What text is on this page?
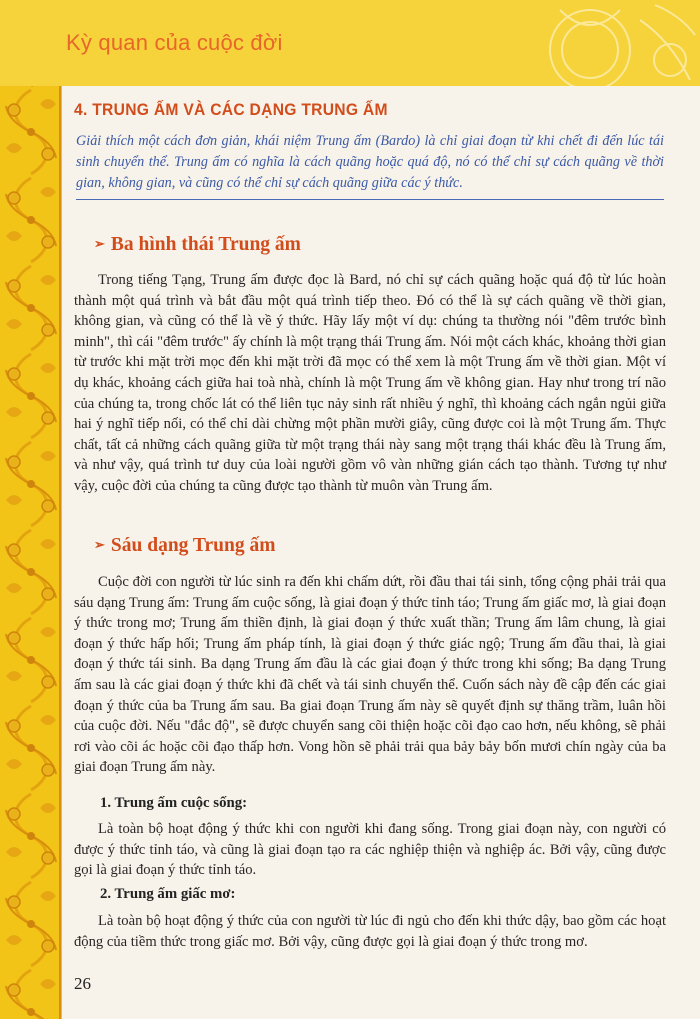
Kỳ quan của cuộc đời
4. TRUNG ẤM VÀ CÁC DẠNG TRUNG ẤM
Giải thích một cách đơn giản, khái niệm Trung ấm (Bardo) là chỉ giai đoạn từ khi chết đi đến lúc tái sinh chuyển thể. Trung ấm có nghĩa là cách quãng hoặc quá độ, nó có thể chỉ sự cách quãng về thời gian, không gian, và cũng có thể chỉ sự cách quãng giữa các ý thức.
➢ Ba hình thái Trung ấm
Trong tiếng Tạng, Trung ấm được đọc là Bard, nó chỉ sự cách quãng hoặc quá độ từ lúc hoàn thành một quá trình và bắt đầu một quá trình tiếp theo. Đó có thể là sự cách quãng về thời gian, không gian, và cũng có thể là về ý thức. Hãy lấy một ví dụ: chúng ta thường nói "đêm trước bình minh", thì cái "đêm trước" ấy chính là một trạng thái Trung ấm. Nói một cách khác, khoảng thời gian từ trước khi mặt trời mọc đến khi mặt trời đã mọc có thể xem là một Trung ấm về thời gian. Một ví dụ khác, khoảng cách giữa hai toà nhà, chính là một Trung ấm về không gian. Hay như trong trí não của chúng ta, trong chốc lát có thể liên tục nảy sinh rất nhiều ý nghĩ, thì khoảng cách ngắn ngủi giữa hai ý nghĩ tiếp nối, có thể chỉ dài chừng một phần mười giây, cũng được coi là một Trung ấm. Thực chất, tất cả những cách quãng giữa từ một trạng thái này sang một trạng thái khác đều là Trung ấm, và như vậy, quá trình tư duy của loài người gồm vô vàn những gián cách tạo thành. Tương tự như vậy, cuộc đời của chúng ta cũng được tạo thành từ muôn vàn Trung ấm.
➢ Sáu dạng Trung ấm
Cuộc đời con người từ lúc sinh ra đến khi chấm dứt, rồi đầu thai tái sinh, tổng cộng phải trải qua sáu dạng Trung ấm: Trung ấm cuộc sống, là giai đoạn ý thức tỉnh táo; Trung ấm giấc mơ, là giai đoạn ý thức trong mơ; Trung ấm thiền định, là giai đoạn ý thức xuất thần; Trung ấm lâm chung, là giai đoạn ý thức hấp hối; Trung ấm pháp tính, là giai đoạn ý thức giác ngộ; Trung ấm đầu thai, là giai đoạn ý thức tái sinh. Ba dạng Trung ấm đầu là các giai đoạn ý thức trong khi sống; Ba dạng Trung ấm sau là các giai đoạn ý thức khi đã chết và tái sinh chuyển thể. Cuốn sách này đề cập đến các giai đoạn ý thức của ba Trung ấm sau. Ba giai đoạn Trung ấm này sẽ quyết định sự thăng trầm, luân hồi của cuộc đời. Nếu "đắc độ", sẽ được chuyển sang cõi thiện hoặc cõi đạo cao hơn, nếu không, sẽ phải rơi vào cõi ác hoặc cõi đạo thấp hơn. Vong hồn sẽ phải trải qua bảy bảy bốn mươi chín ngày của ba giai đoạn Trung ấm này.
1. Trung ấm cuộc sống:
Là toàn bộ hoạt động ý thức khi con người khi đang sống. Trong giai đoạn này, con người có được ý thức tỉnh táo, và cũng là giai đoạn tạo ra các nghiệp thiện và nghiệp ác. Bởi vậy, cũng được gọi là giai đoạn ý thức tỉnh táo.
2. Trung ấm giấc mơ:
Là toàn bộ hoạt động ý thức của con người từ lúc đi ngủ cho đến khi thức dậy, bao gồm các hoạt động của tiềm thức trong giấc mơ. Bởi vậy, cũng được gọi là giai đoạn ý thức trong mơ.
26
